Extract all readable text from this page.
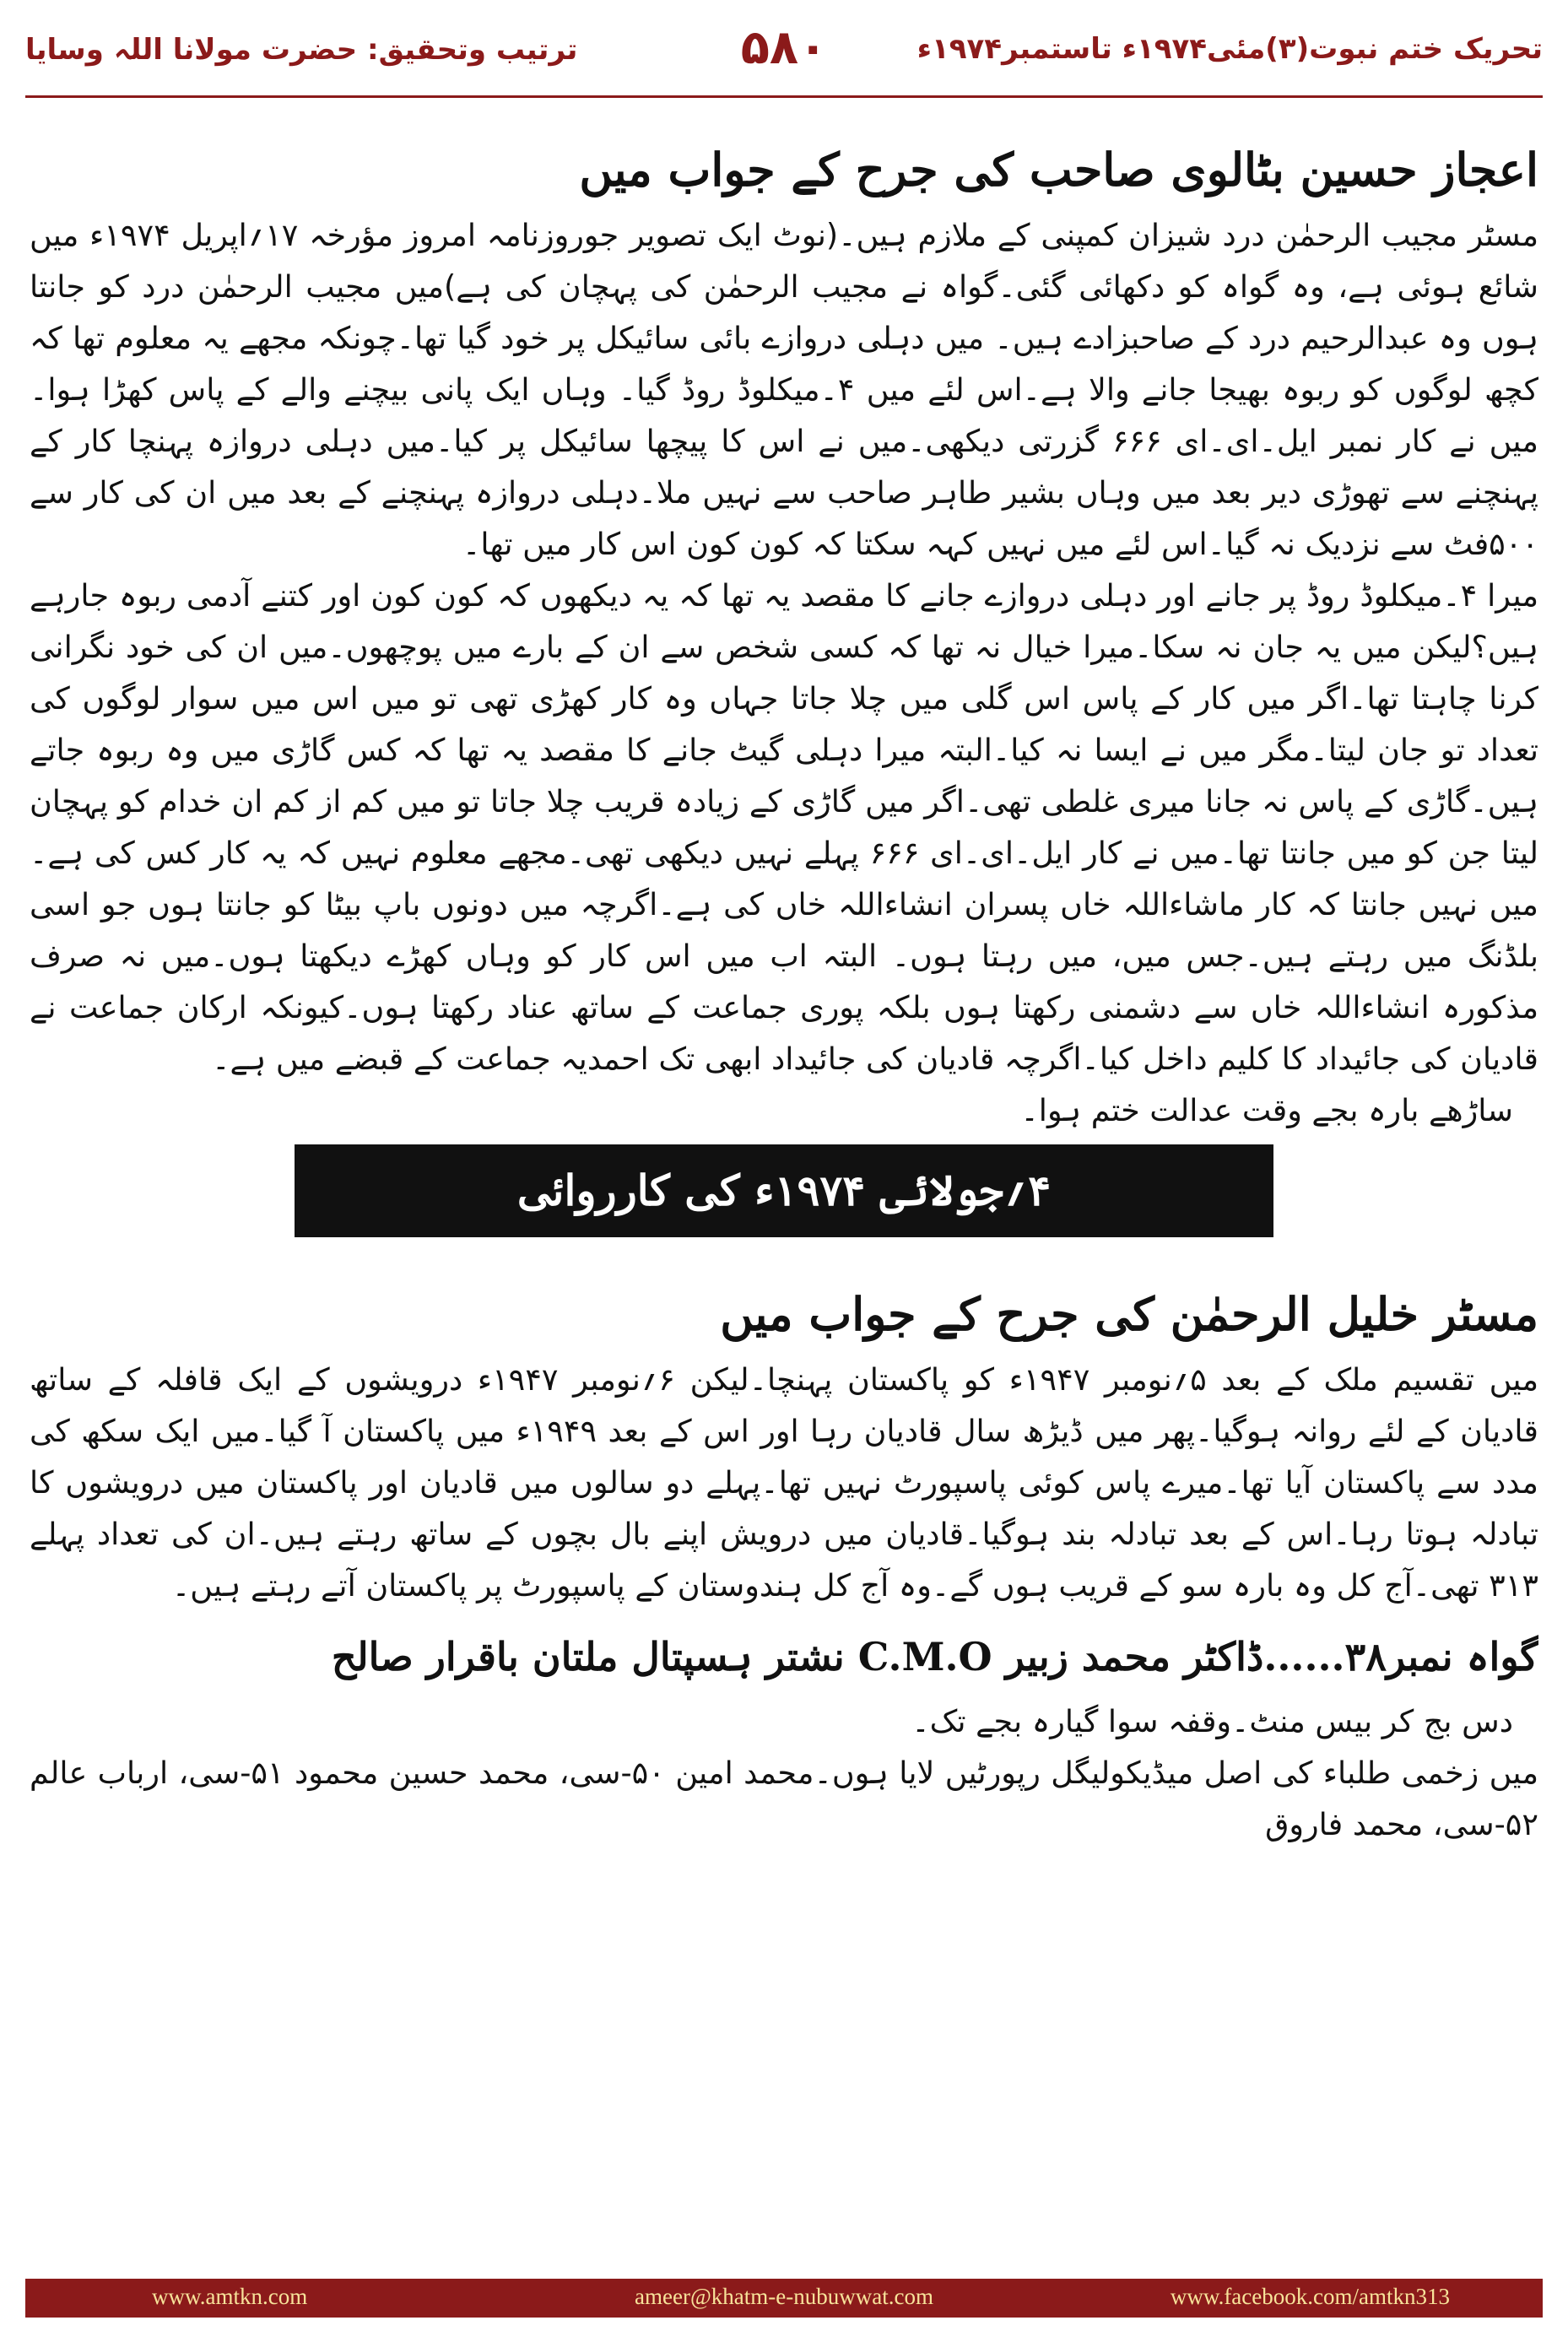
ترتیب وتحقیق: حضرت مولانا اللہ وسایا	۵۸۰	تحریک ختم نبوت(۳)مئی۱۹۷۴ء تاستمبر۱۹۷۴ء
اعجاز حسین بٹالوی صاحب کی جرح کے جواب میں

مسٹر مجیب الرحمٰن درد شیزان کمپنی کے ملازم ہیں۔(نوٹ ایک تصویر جوروزنامہ امروز مؤرخہ ۱۷؍اپریل ۱۹۷۴ء میں شائع ہوئی ہے، وہ گواہ کو دکھائی گئی۔گواہ نے مجیب الرحمٰن کی پہچان کی ہے)میں مجیب الرحمٰن درد کو جانتا ہوں وہ عبدالرحیم درد کے صاحبزادے ہیں۔ میں دہلی دروازے بائی سائیکل پر خود گیا تھا۔چونکہ مجھے یہ معلوم تھا کہ کچھ لوگوں کو ربوہ بھیجا جانے والا ہے۔اس لئے میں ۴۔میکلوڈ روڈ گیا۔ وہاں ایک پانی بیچنے والے کے پاس کھڑا ہوا۔میں نے کار نمبر ایل۔ای۔ای ۶۶۶ گزرتی دیکھی۔میں نے اس کا پیچھا سائیکل پر کیا۔میں دہلی دروازہ پہنچا کار کے پہنچنے سے تھوڑی دیر بعد میں وہاں بشیر طاہر صاحب سے نہیں ملا۔دہلی دروازہ پہنچنے کے بعد میں ان کی کار سے ۵۰۰فٹ سے نزدیک نہ گیا۔اس لئے میں نہیں کہہ سکتا کہ کون کون اس کار میں تھا۔

میرا ۴۔میکلوڈ روڈ پر جانے اور دہلی دروازے جانے کا مقصد یہ تھا کہ یہ دیکھوں کہ کون کون اور کتنے آدمی ربوہ جارہے ہیں؟لیکن میں یہ جان نہ سکا۔میرا خیال نہ تھا کہ کسی شخص سے ان کے بارے میں پوچھوں۔میں ان کی خود نگرانی کرنا چاہتا تھا۔اگر میں کار کے پاس اس گلی میں چلا جاتا جہاں وہ کار کھڑی تھی تو میں اس میں سوار لوگوں کی تعداد تو جان لیتا۔مگر میں نے ایسا نہ کیا۔البتہ میرا دہلی گیٹ جانے کا مقصد یہ تھا کہ کس گاڑی میں وہ ربوہ جاتے ہیں۔گاڑی کے پاس نہ جانا میری غلطی تھی۔اگر میں گاڑی کے زیادہ قریب چلا جاتا تو میں کم از کم ان خدام کو پہچان لیتا جن کو میں جانتا تھا۔میں نے کار ایل۔ای۔ای ۶۶۶ پہلے نہیں دیکھی تھی۔مجھے معلوم نہیں کہ یہ کار کس کی ہے۔میں نہیں جانتا کہ کار ماشاءاللہ خاں پسران انشاءاللہ خاں کی ہے۔اگرچہ میں دونوں باپ بیٹا کو جانتا ہوں جو اسی بلڈنگ میں رہتے ہیں۔جس میں، میں رہتا ہوں۔ البتہ اب میں اس کار کو وہاں کھڑے دیکھتا ہوں۔میں نہ صرف مذکورہ انشاءاللہ خاں سے دشمنی رکھتا ہوں بلکہ پوری جماعت کے ساتھ عناد رکھتا ہوں۔کیونکہ ارکان جماعت نے قادیان کی جائیداد کا کلیم داخل کیا۔اگرچہ قادیان کی جائیداد ابھی تک احمدیہ جماعت کے قبضے میں ہے۔

ساڑھے بارہ بجے وقت عدالت ختم ہوا۔

۴؍جولائی ۱۹۷۴ء کی کارروائی
مسٹر خلیل الرحمٰن کی جرح کے جواب میں

میں تقسیم ملک کے بعد ۵؍نومبر ۱۹۴۷ء کو پاکستان پہنچا۔لیکن ۶؍نومبر ۱۹۴۷ء درویشوں کے ایک قافلہ کے ساتھ قادیان کے لئے روانہ ہوگیا۔پھر میں ڈیڑھ سال قادیان رہا اور اس کے بعد ۱۹۴۹ء میں پاکستان آ گیا۔میں ایک سکھ کی مدد سے پاکستان آیا تھا۔میرے پاس کوئی پاسپورٹ نہیں تھا۔پہلے دو سالوں میں قادیان اور پاکستان میں درویشوں کا تبادلہ ہوتا رہا۔اس کے بعد تبادلہ بند ہوگیا۔قادیان میں درویش اپنے بال بچوں کے ساتھ رہتے ہیں۔ان کی تعداد پہلے ۳۱۳ تھی۔آج کل وہ بارہ سو کے قریب ہوں گے۔وہ آج کل ہندوستان کے پاسپورٹ پر پاکستان آتے رہتے ہیں۔

گواہ نمبر۳۸......ڈاکٹر محمد زبیر C.M.O نشتر ہسپتال ملتان باقرار صالح

دس بج کر بیس منٹ۔وقفہ سوا گیارہ بجے تک۔

میں زخمی طلباء کی اصل میڈیکولیگل رپورٹیں لایا ہوں۔محمد امین ۵۰-سی، محمد حسین محمود ۵۱-سی، ارباب عالم ۵۲-سی، محمد فاروق

www.amtkn.com	ameer@khatm-e-nubuwwat.com	www.facebook.com/amtkn313
